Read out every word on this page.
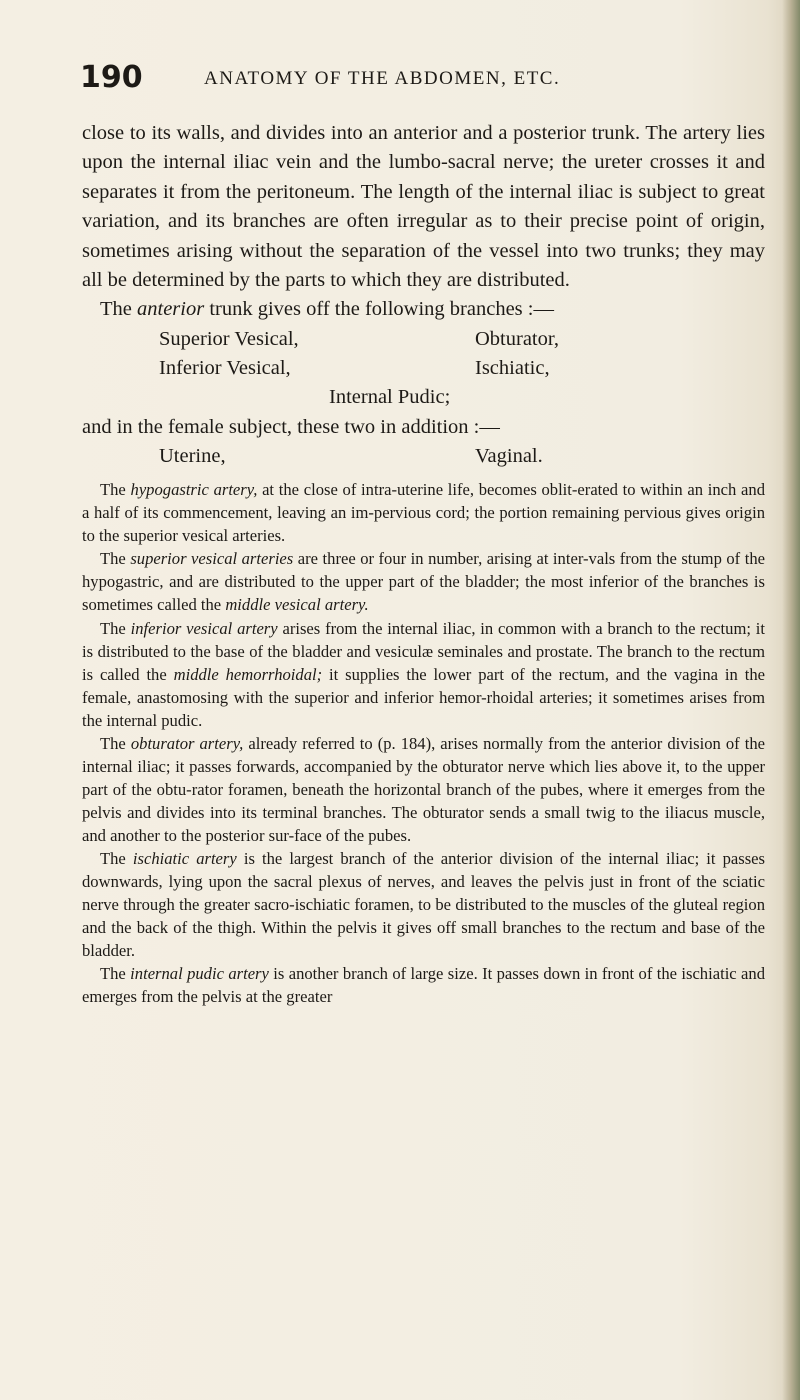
190	ANATOMY OF THE ABDOMEN, ETC.

close to its walls, and divides into an anterior and a posterior trunk. The artery lies upon the internal iliac vein and the lumbo-sacral nerve; the ureter crosses it and separates it from the peritoneum. The length of the internal iliac is subject to great variation, and its branches are often irregular as to their precise point of origin, sometimes arising without the separation of the vessel into two trunks; they may all be determined by the parts to which they are distributed.

The anterior trunk gives off the following branches :—

Superior Vesical,	Obturator,
Inferior Vesical,	Ischiatic,
Internal Pudic;

and in the female subject, these two in addition :—

Uterine,	Vaginal.

The hypogastric artery, at the close of intra-uterine life, becomes oblit-erated to within an inch and a half of its commencement, leaving an im-pervious cord; the portion remaining pervious gives origin to the superior vesical arteries.

The superior vesical arteries are three or four in number, arising at inter-vals from the stump of the hypogastric, and are distributed to the upper part of the bladder; the most inferior of the branches is sometimes called the middle vesical artery.

The inferior vesical artery arises from the internal iliac, in common with a branch to the rectum; it is distributed to the base of the bladder and vesiculæ seminales and prostate. The branch to the rectum is called the middle hemorrhoidal; it supplies the lower part of the rectum, and the vagina in the female, anastomosing with the superior and inferior hemor-rhoidal arteries; it sometimes arises from the internal pudic.

The obturator artery, already referred to (p. 184), arises normally from the anterior division of the internal iliac; it passes forwards, accompanied by the obturator nerve which lies above it, to the upper part of the obtu-rator foramen, beneath the horizontal branch of the pubes, where it emerges from the pelvis and divides into its terminal branches. The obturator sends a small twig to the iliacus muscle, and another to the posterior sur-face of the pubes.

The ischiatic artery is the largest branch of the anterior division of the internal iliac; it passes downwards, lying upon the sacral plexus of nerves, and leaves the pelvis just in front of the sciatic nerve through the greater sacro-ischiatic foramen, to be distributed to the muscles of the gluteal region and the back of the thigh. Within the pelvis it gives off small branches to the rectum and base of the bladder.

The internal pudic artery is another branch of large size. It passes down in front of the ischiatic and emerges from the pelvis at the greater
